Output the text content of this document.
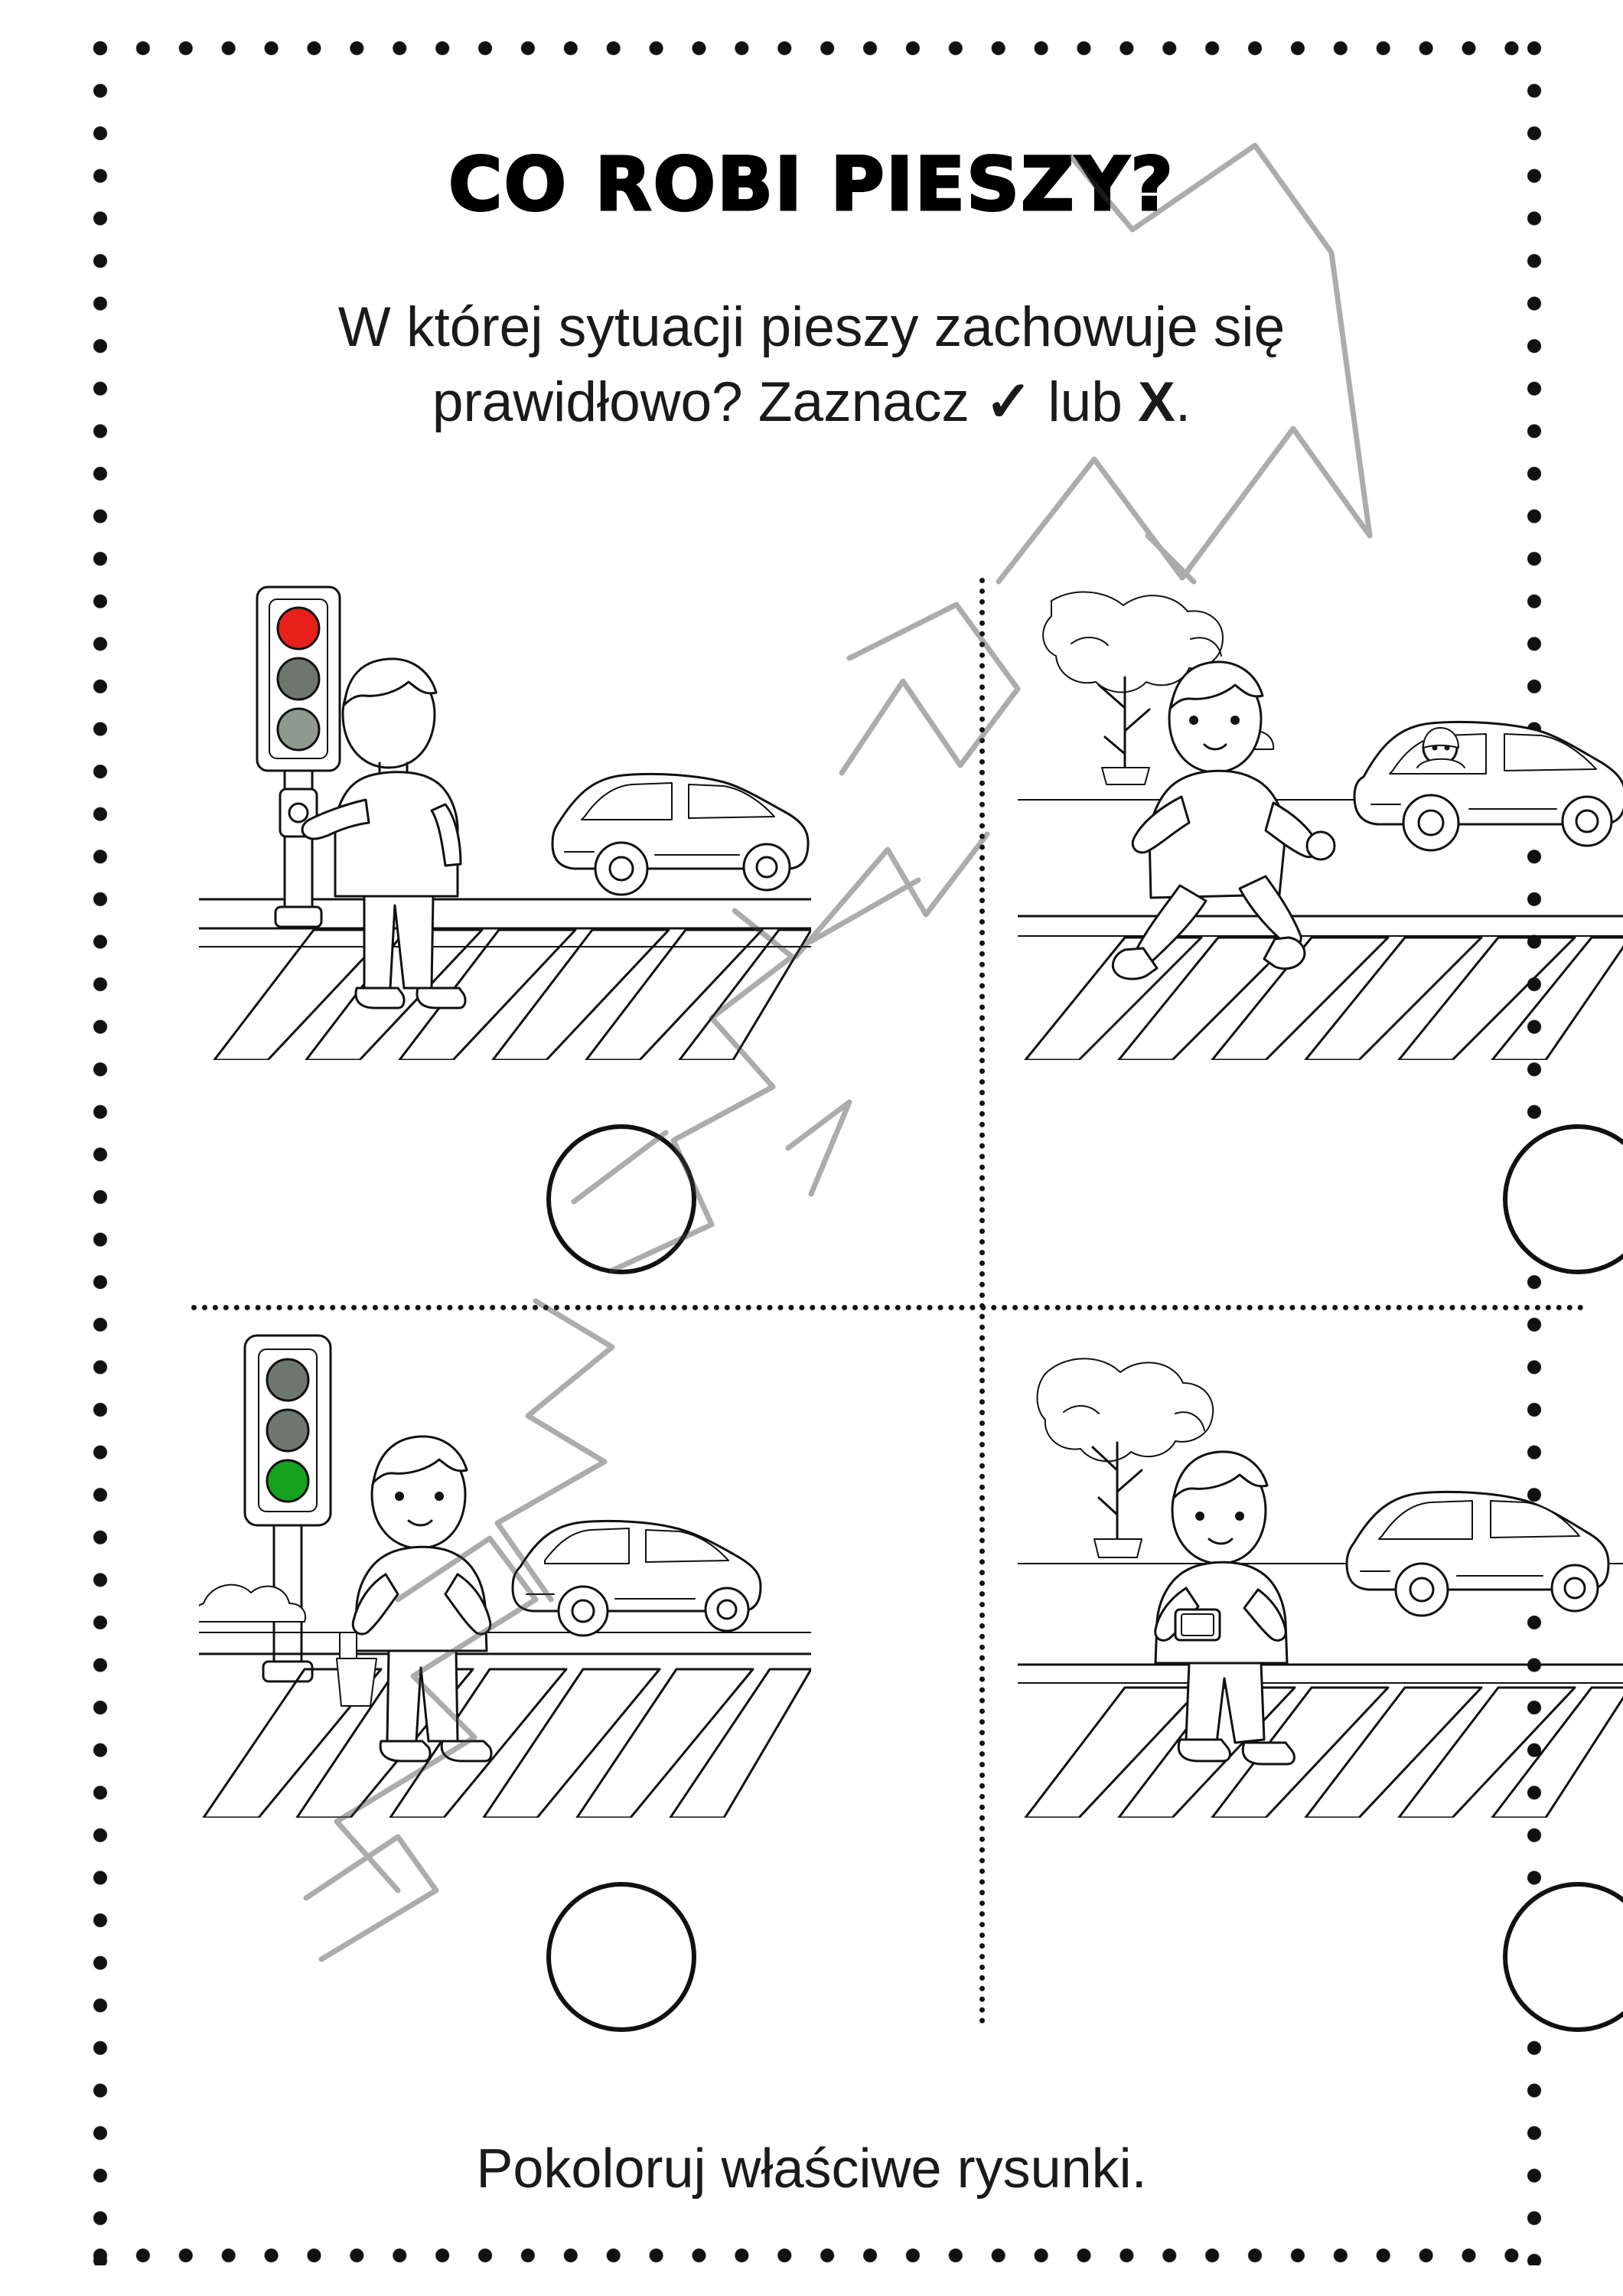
CO ROBI PIESZY?
W której sytuacji pieszy zachowuje się
prawidłowo? Zaznacz ✓ lub X.
Pokoloruj właściwe rysunki.
